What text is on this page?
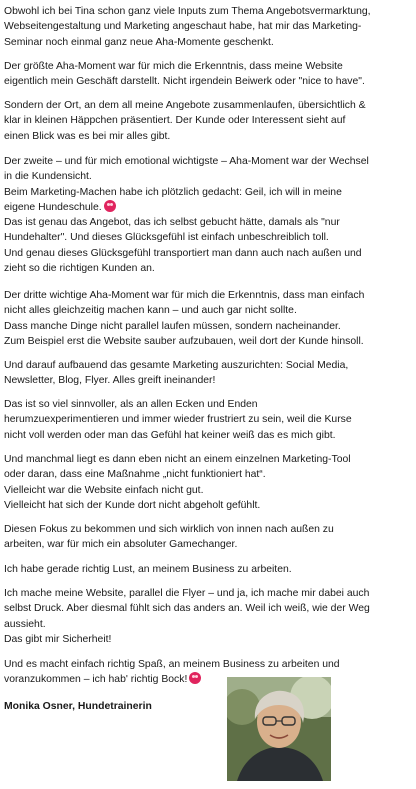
Obwohl ich bei Tina schon ganz viele Inputs zum Thema Angebotsvermarktung,
Webseitengestaltung und Marketing angeschaut habe, hat mir das Marketing-
Seminar noch einmal ganz neue Aha-Momente geschenkt.

Der größte Aha-Moment war für mich die Erkenntnis, dass meine Website
eigentlich mein Geschäft darstellt. Nicht irgendein Beiwerk oder "nice to have".

Sondern der Ort, an dem all meine Angebote zusammenlaufen, übersichtlich &
klar in kleinen Häppchen präsentiert. Der Kunde oder Interessent sieht auf
einen Blick was es bei mir alles gibt.

Der zweite – und für mich emotional wichtigste – Aha-Moment war der Wechsel
in die Kundensicht.
Beim Marketing-Machen habe ich plötzlich gedacht: Geil, ich will in meine
eigene Hundeschule.
Das ist genau das Angebot, das ich selbst gebucht hätte, damals als "nur
Hundehalter". Und dieses Glücksgefühl ist einfach unbeschreiblich toll.
Und genau dieses Glücksgefühl transportiert man dann auch nach außen und
zieht so die richtigen Kunden an.

Der dritte wichtige Aha-Moment war für mich die Erkenntnis, dass man einfach
nicht alles gleichzeitig machen kann – und auch gar nicht sollte.
Dass manche Dinge nicht parallel laufen müssen, sondern nacheinander.
Zum Beispiel erst die Website sauber aufzubauen, weil dort der Kunde hinsoll.

Und darauf aufbauend das gesamte Marketing auszurichten: Social Media,
Newsletter, Blog, Flyer. Alles greift ineinander!

Das ist so viel sinnvoller, als an allen Ecken und Enden
herumzuexperimentieren und immer wieder frustriert zu sein, weil die Kurse
nicht voll werden oder man das Gefühl hat keiner weiß das es mich gibt.

Und manchmal liegt es dann eben nicht an einem einzelnen Marketing-Tool
oder daran, dass eine Maßnahme „nicht funktioniert hat“.
Vielleicht war die Website einfach nicht gut.
Vielleicht hat sich der Kunde dort nicht abgeholt gefühlt.

Diesen Fokus zu bekommen und sich wirklich von innen nach außen zu
arbeiten, war für mich ein absoluter Gamechanger.

Ich habe gerade richtig Lust, an meinem Business zu arbeiten.

Ich mache meine Website, parallel die Flyer – und ja, ich mache mir dabei auch
selbst Druck. Aber diesmal fühlt sich das anders an. Weil ich weiß, wie der Weg
aussieht.
Das gibt mir Sicherheit!

Und es macht einfach richtig Spaß, an meinem Business zu arbeiten und
voranzukommen – ich hab' richtig Bock!

Monika Osner, Hundetrainerin
